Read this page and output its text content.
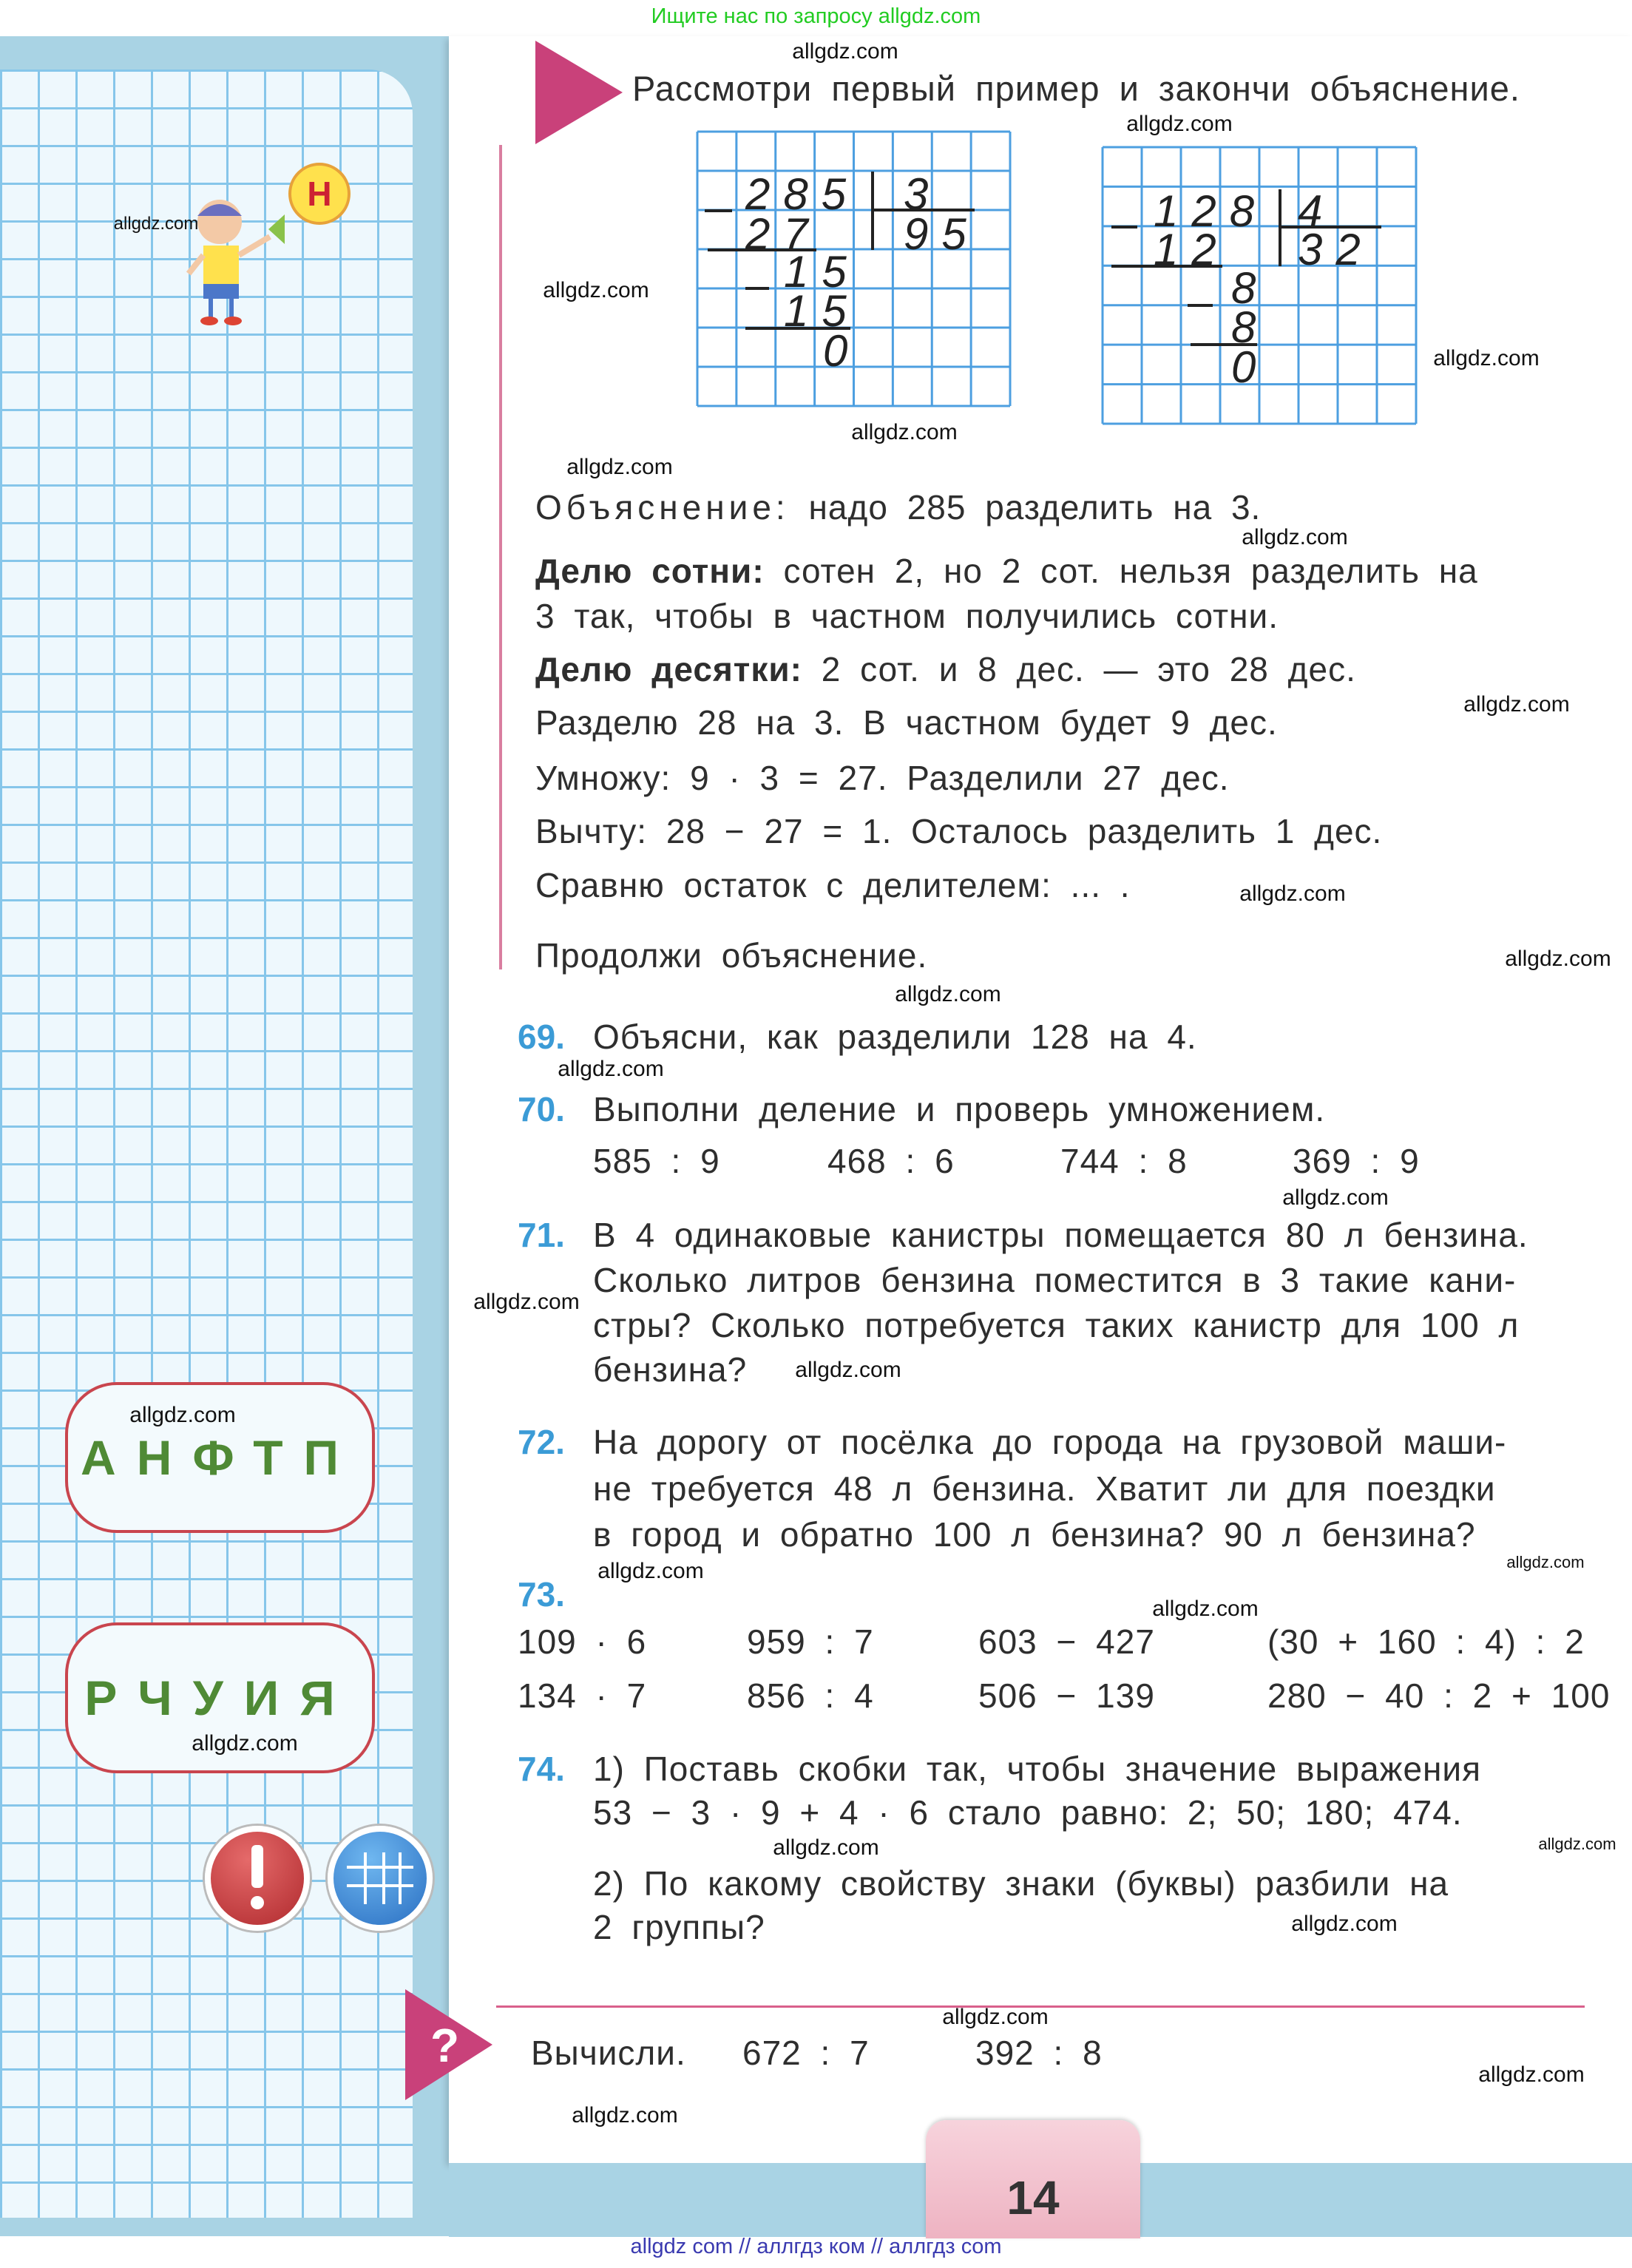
Ищите нас по запросу allgdz.com
Н
Рассмотри первый пример и закончи объяснение.
285 3
27 95
15
15
0
128 4
12 32
8
8
0
Объяснение: надо 285 разделить на 3.
Делю сотни: сотен 2, но 2 сот. нельзя разделить на
3 так, чтобы в частном получились сотни.
Делю десятки: 2 сот. и 8 дес. — это 28 дес.
Разделю 28 на 3. В частном будет 9 дес.
Умножу: 9 · 3 = 27. Разделили 27 дес.
Вычту: 28 − 27 = 1. Осталось разделить 1 дес.
Сравню остаток с делителем: ... .
Продолжи объяснение.
69. Объясни, как разделили 128 на 4.
70. Выполни деление и проверь умножением.
585 : 9	468 : 6	744 : 8	369 : 9
71. В 4 одинаковые канистры помещается 80 л бензина.
Сколько литров бензина поместится в 3 такие кани-
стры? Сколько потребуется таких канистр для 100 л
бензина?
72. На дорогу от посёлка до города на грузовой маши-
не требуется 48 л бензина. Хватит ли для поездки
в город и обратно 100 л бензина? 90 л бензина?
73.
109 · 6	959 : 7	603 − 427	(30 + 160 : 4) : 2
134 · 7	856 : 4	506 − 139	280 − 40 : 2 + 100
74. 1) Поставь скобки так, чтобы значение выражения
53 − 3 · 9 + 4 · 6 стало равно: 2; 50; 180; 474.
2) По какому свойству знаки (буквы) разбили на
2 группы?
? Вычисли. 672 : 7	392 : 8
АНФТП
РЧУИЯ
14
allgdz.com
allgdz.com
allgdz.com
allgdz.com
allgdz.com
allgdz.com
allgdz.com
allgdz.com
allgdz.com
allgdz.com
allgdz.com
allgdz.com
allgdz.com
allgdz.com
allgdz.com
allgdz.com
allgdz.com
allgdz.com
allgdz.com
allgdz.com
allgdz.com
allgdz.com
allgdz.com
allgdz.com
allgdz.com
allgdz.com
allgdz.com
allgdz com // аллгдз ком // аллгдз com
